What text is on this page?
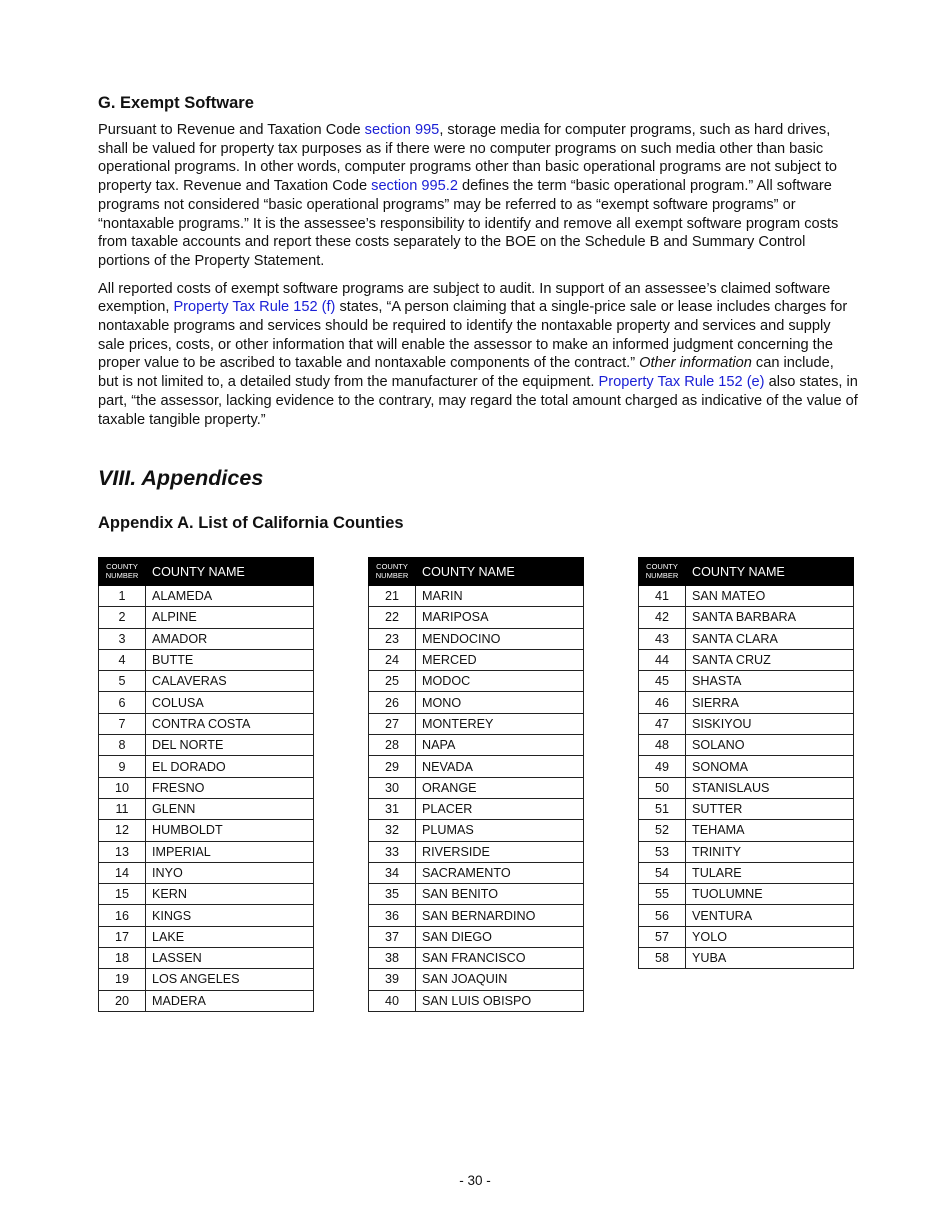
G. Exempt Software

Pursuant to Revenue and Taxation Code section 995, storage media for computer programs, such as hard drives, shall be valued for property tax purposes as if there were no computer programs on such media other than basic operational programs. In other words, computer programs other than basic operational programs are not subject to property tax. Revenue and Taxation Code section 995.2 defines the term “basic operational program.” All software programs not considered “basic operational programs” may be referred to as “exempt software programs” or “nontaxable programs.” It is the assessee’s responsibility to identify and remove all exempt software program costs from taxable accounts and report these costs separately to the BOE on the Schedule B and Summary Control portions of the Property Statement.

All reported costs of exempt software programs are subject to audit. In support of an assessee’s claimed software exemption, Property Tax Rule 152 (f) states, “A person claiming that a single-price sale or lease includes charges for nontaxable programs and services should be required to identify the nontaxable property and services and supply sale prices, costs, or other information that will enable the assessor to make an informed judgment concerning the proper value to be ascribed to taxable and nontaxable components of the contract.” Other information can include, but is not limited to, a detailed study from the manufacturer of the equipment. Property Tax Rule 152 (e) also states, in part, “the assessor, lacking evidence to the contrary, may regard the total amount charged as indicative of the value of taxable tangible property.”

VIII. Appendices
Appendix A. List of California Counties
COUNTY
NUMBER	COUNTY NAME
1	ALAMEDA
2	ALPINE
3	AMADOR
4	BUTTE
5	CALAVERAS
6	COLUSA
7	CONTRA COSTA
8	DEL NORTE
9	EL DORADO
10	FRESNO
11	GLENN
12	HUMBOLDT
13	IMPERIAL
14	INYO
15	KERN
16	KINGS
17	LAKE
18	LASSEN
19	LOS ANGELES
20	MADERA
COUNTY
NUMBER	COUNTY NAME
21	MARIN
22	MARIPOSA
23	MENDOCINO
24	MERCED
25	MODOC
26	MONO
27	MONTEREY
28	NAPA
29	NEVADA
30	ORANGE
31	PLACER
32	PLUMAS
33	RIVERSIDE
34	SACRAMENTO
35	SAN BENITO
36	SAN BERNARDINO
37	SAN DIEGO
38	SAN FRANCISCO
39	SAN JOAQUIN
40	SAN LUIS OBISPO
COUNTY
NUMBER	COUNTY NAME
41	SAN MATEO
42	SANTA BARBARA
43	SANTA CLARA
44	SANTA CRUZ
45	SHASTA
46	SIERRA
47	SISKIYOU
48	SOLANO
49	SONOMA
50	STANISLAUS
51	SUTTER
52	TEHAMA
53	TRINITY
54	TULARE
55	TUOLUMNE
56	VENTURA
57	YOLO
58	YUBA
- 30 -
